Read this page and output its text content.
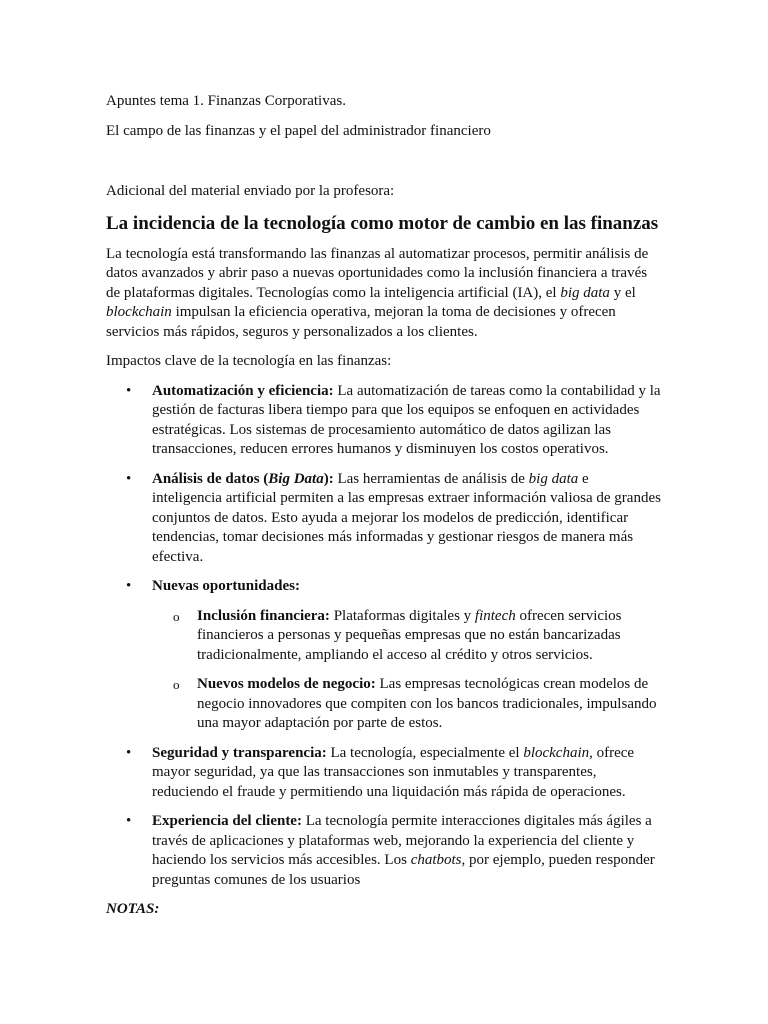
Apuntes tema 1. Finanzas Corporativas.

El campo de las finanzas y el papel del administrador financiero

Adicional del material enviado por la profesora:

La incidencia de la tecnología como motor de cambio en las finanzas

La tecnología está transformando las finanzas al automatizar procesos, permitir análisis de datos avanzados y abrir paso a nuevas oportunidades como la inclusión financiera a través de plataformas digitales. Tecnologías como la inteligencia artificial (IA), el big data y el blockchain impulsan la eficiencia operativa, mejoran la toma de decisiones y ofrecen servicios más rápidos, seguros y personalizados a los clientes.

Impactos clave de la tecnología en las finanzas:

• Automatización y eficiencia: La automatización de tareas como la contabilidad y la gestión de facturas libera tiempo para que los equipos se enfoquen en actividades estratégicas. Los sistemas de procesamiento automático de datos agilizan las transacciones, reducen errores humanos y disminuyen los costos operativos.
• Análisis de datos (Big Data): Las herramientas de análisis de big data e inteligencia artificial permiten a las empresas extraer información valiosa de grandes conjuntos de datos. Esto ayuda a mejorar los modelos de predicción, identificar tendencias, tomar decisiones más informadas y gestionar riesgos de manera más efectiva.
• Nuevas oportunidades:
o Inclusión financiera: Plataformas digitales y fintech ofrecen servicios financieros a personas y pequeñas empresas que no están bancarizadas tradicionalmente, ampliando el acceso al crédito y otros servicios.
o Nuevos modelos de negocio: Las empresas tecnológicas crean modelos de negocio innovadores que compiten con los bancos tradicionales, impulsando una mayor adaptación por parte de estos.
• Seguridad y transparencia: La tecnología, especialmente el blockchain, ofrece mayor seguridad, ya que las transacciones son inmutables y transparentes, reduciendo el fraude y permitiendo una liquidación más rápida de operaciones.
• Experiencia del cliente: La tecnología permite interacciones digitales más ágiles a través de aplicaciones y plataformas web, mejorando la experiencia del cliente y haciendo los servicios más accesibles. Los chatbots, por ejemplo, pueden responder preguntas comunes de los usuarios

NOTAS:
